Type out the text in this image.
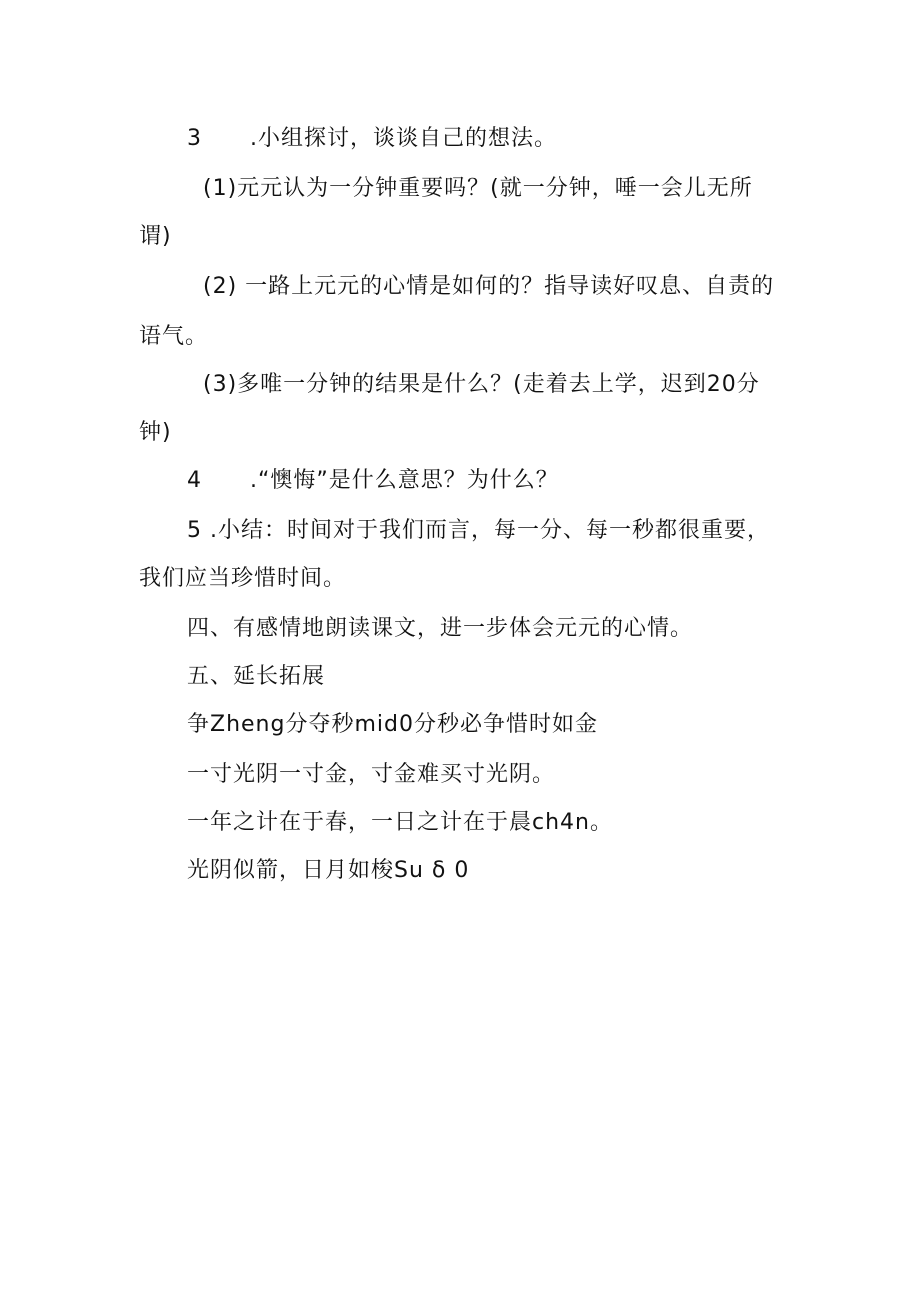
3 .小组探讨，谈谈自己的想法。
(1)元元认为一分钟重要吗？(就一分钟，唾一会儿无所
谓)
(2) 一路上元元的心情是如何的？指导读好叹息、自责的
语气。
(3)多唯一分钟的结果是什么？(走着去上学，迟到20分
钟)
4 .“懊悔”是什么意思？为什么？
5 .小结：时间对于我们而言，每一分、每一秒都很重要，
我们应当珍惜时间。
四、有感情地朗读课文，进一步体会元元的心情。
五、延长拓展
争Zheng分夺秒mid0分秒必争惜时如金
一寸光阴一寸金，寸金难买寸光阴。
一年之计在于春，一日之计在于晨ch4n。
光阴似箭，日月如梭Su δ 0
